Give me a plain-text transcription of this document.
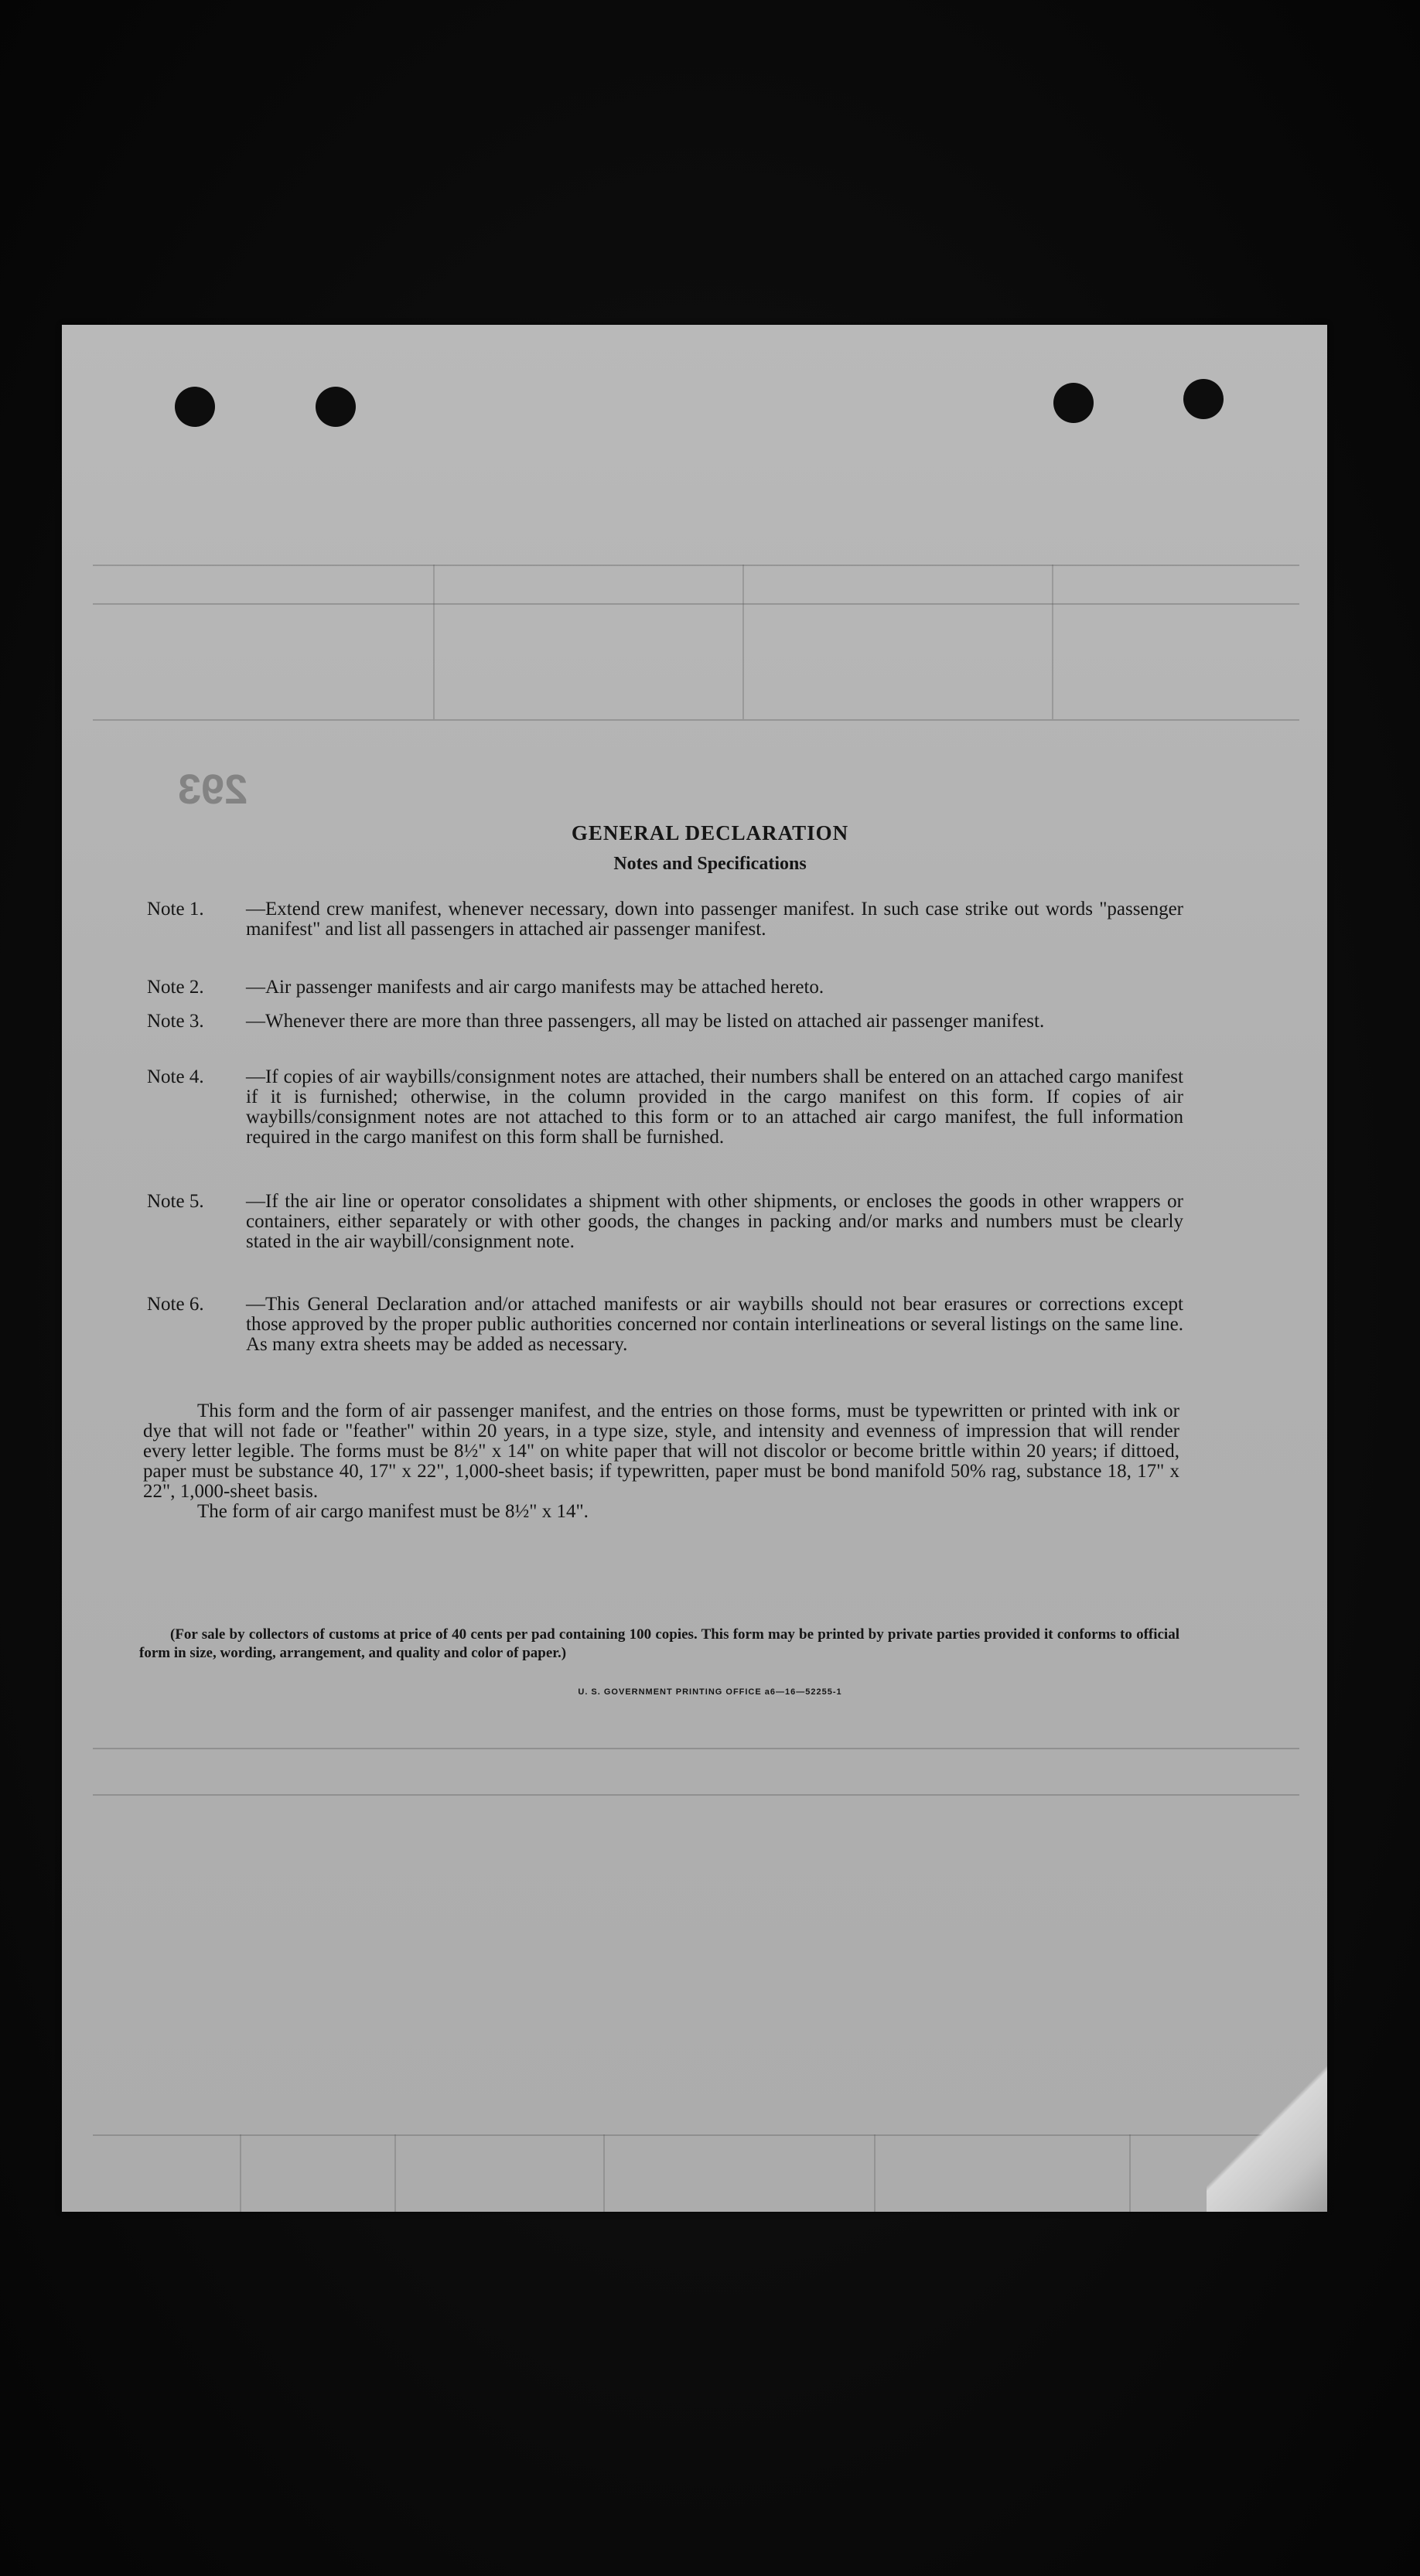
293
GENERAL DECLARATION
Notes and Specifications
Note 1.	—Extend crew manifest, whenever necessary, down into passenger manifest. In such case strike out words "passenger manifest" and list all passengers in attached air passenger manifest.
Note 2.	—Air passenger manifests and air cargo manifests may be attached hereto.
Note 3.	—Whenever there are more than three passengers, all may be listed on attached air passenger manifest.
Note 4.	—If copies of air waybills/consignment notes are attached, their numbers shall be entered on an attached cargo manifest if it is furnished; otherwise, in the column provided in the cargo manifest on this form. If copies of air waybills/consignment notes are not attached to this form or to an attached air cargo manifest, the full information required in the cargo manifest on this form shall be furnished.
Note 5.	—If the air line or operator consolidates a shipment with other shipments, or encloses the goods in other wrappers or containers, either separately or with other goods, the changes in packing and/or marks and numbers must be clearly stated in the air waybill/consignment note.
Note 6.	—This General Declaration and/or attached manifests or air waybills should not bear erasures or corrections except those approved by the proper public authorities concerned nor contain interlineations or several listings on the same line. As many extra sheets may be added as necessary.

This form and the form of air passenger manifest, and the entries on those forms, must be typewritten or printed with ink or dye that will not fade or "feather" within 20 years, in a type size, style, and intensity and evenness of impression that will render every letter legible. The forms must be 8½" x 14" on white paper that will not discolor or become brittle within 20 years; if dittoed, paper must be substance 40, 17" x 22", 1,000-sheet basis; if typewritten, paper must be bond manifold 50% rag, substance 18, 17" x 22", 1,000-sheet basis.

The form of air cargo manifest must be 8½" x 14".

(For sale by collectors of customs at price of 40 cents per pad containing 100 copies. This form may be printed by private parties provided it conforms to official form in size, wording, arrangement, and quality and color of paper.)
U. S. GOVERNMENT PRINTING OFFICE a6—16—52255-1
